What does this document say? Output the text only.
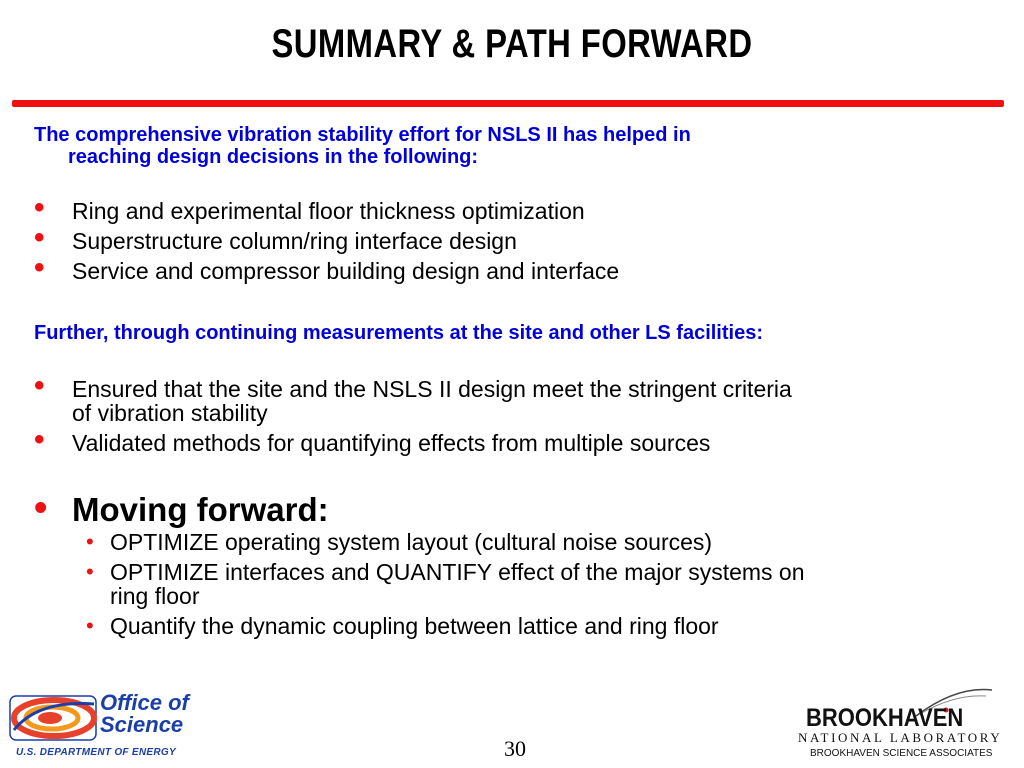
SUMMARY & PATH FORWARD
The comprehensive vibration stability effort for NSLS II has helped in
reaching design decisions in the following:
• Ring and experimental floor thickness optimization
• Superstructure column/ring interface design
• Service and compressor building design and interface
Further, through continuing measurements at the site and other LS facilities:
• Ensured that the site and the NSLS II design meet the stringent criteria
of vibration stability
• Validated methods for quantifying effects from multiple sources
• Moving forward:
• OPTIMIZE operating system layout (cultural noise sources)
• OPTIMIZE interfaces and QUANTIFY effect of the major systems on
ring floor
• Quantify the dynamic coupling between lattice and ring floor
Office of
Science
U.S. DEPARTMENT OF ENERGY	30
BROOKHAVEN
NATIONAL LABORATORY
BROOKHAVEN SCIENCE ASSOCIATES
